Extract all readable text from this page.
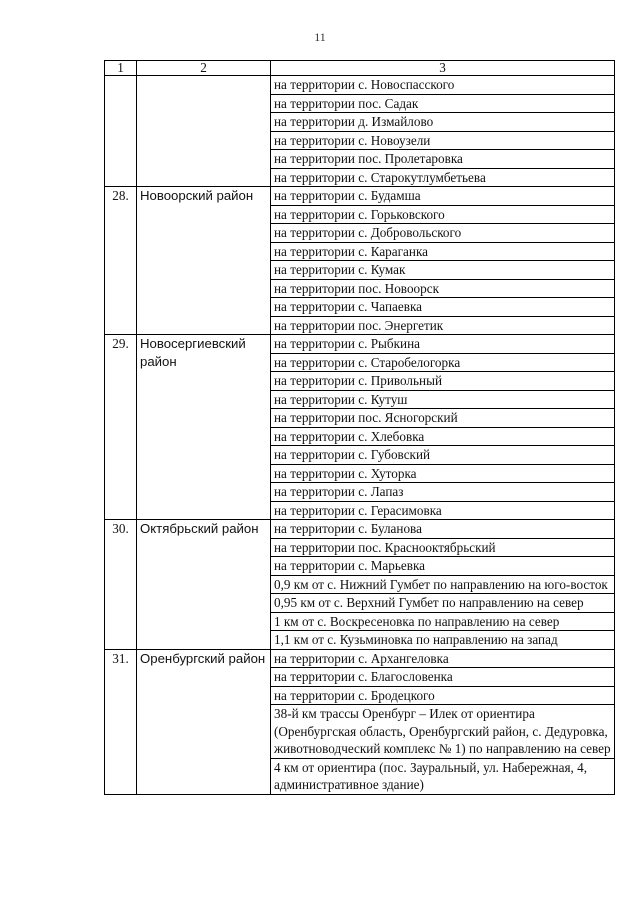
11
1	2	3
		на территории с. Новоспасского
		на территории пос. Садак
		на территории д. Измайлово
		на территории с. Новоузели
		на территории пос. Пролетаровка
		на территории с. Старокутлумбетьева
28.	Новоорский район	на территории с. Будамша
		на территории с. Горьковского
		на территории с. Добровольского
		на территории с. Караганка
		на территории с. Кумак
		на территории пос. Новоорск
		на территории с. Чапаевка
		на территории пос. Энергетик
29.	Новосергиевский район	на территории с. Рыбкина
		на территории с. Старобелогорка
		на территории с. Привольный
		на территории с. Кутуш
		на территории пос. Ясногорский
		на территории с. Хлебовка
		на территории с. Губовский
		на территории с. Хуторка
		на территории с. Лапаз
		на территории с. Герасимовка
30.	Октябрьский район	на территории с. Буланова
		на территории пос. Краснооктябрьский
		на территории с. Марьевка
		0,9 км от с. Нижний Гумбет по направлению на юго-восток
		0,95 км от с. Верхний Гумбет по направлению на север
		1 км от с. Воскресеновка по направлению на север
		1,1 км от с. Кузьминовка по направлению на запад
31.	Оренбургский район	на территории с. Архангеловка
		на территории с. Благословенка
		на территории с. Бродецкого
		38-й км трассы Оренбург – Илек от ориентира (Оренбургская область, Оренбургский район, с. Дедуровка, животноводческий комплекс № 1) по направлению на север
		4 км от ориентира (пос. Зауральный, ул. Набережная, 4, административное здание)
